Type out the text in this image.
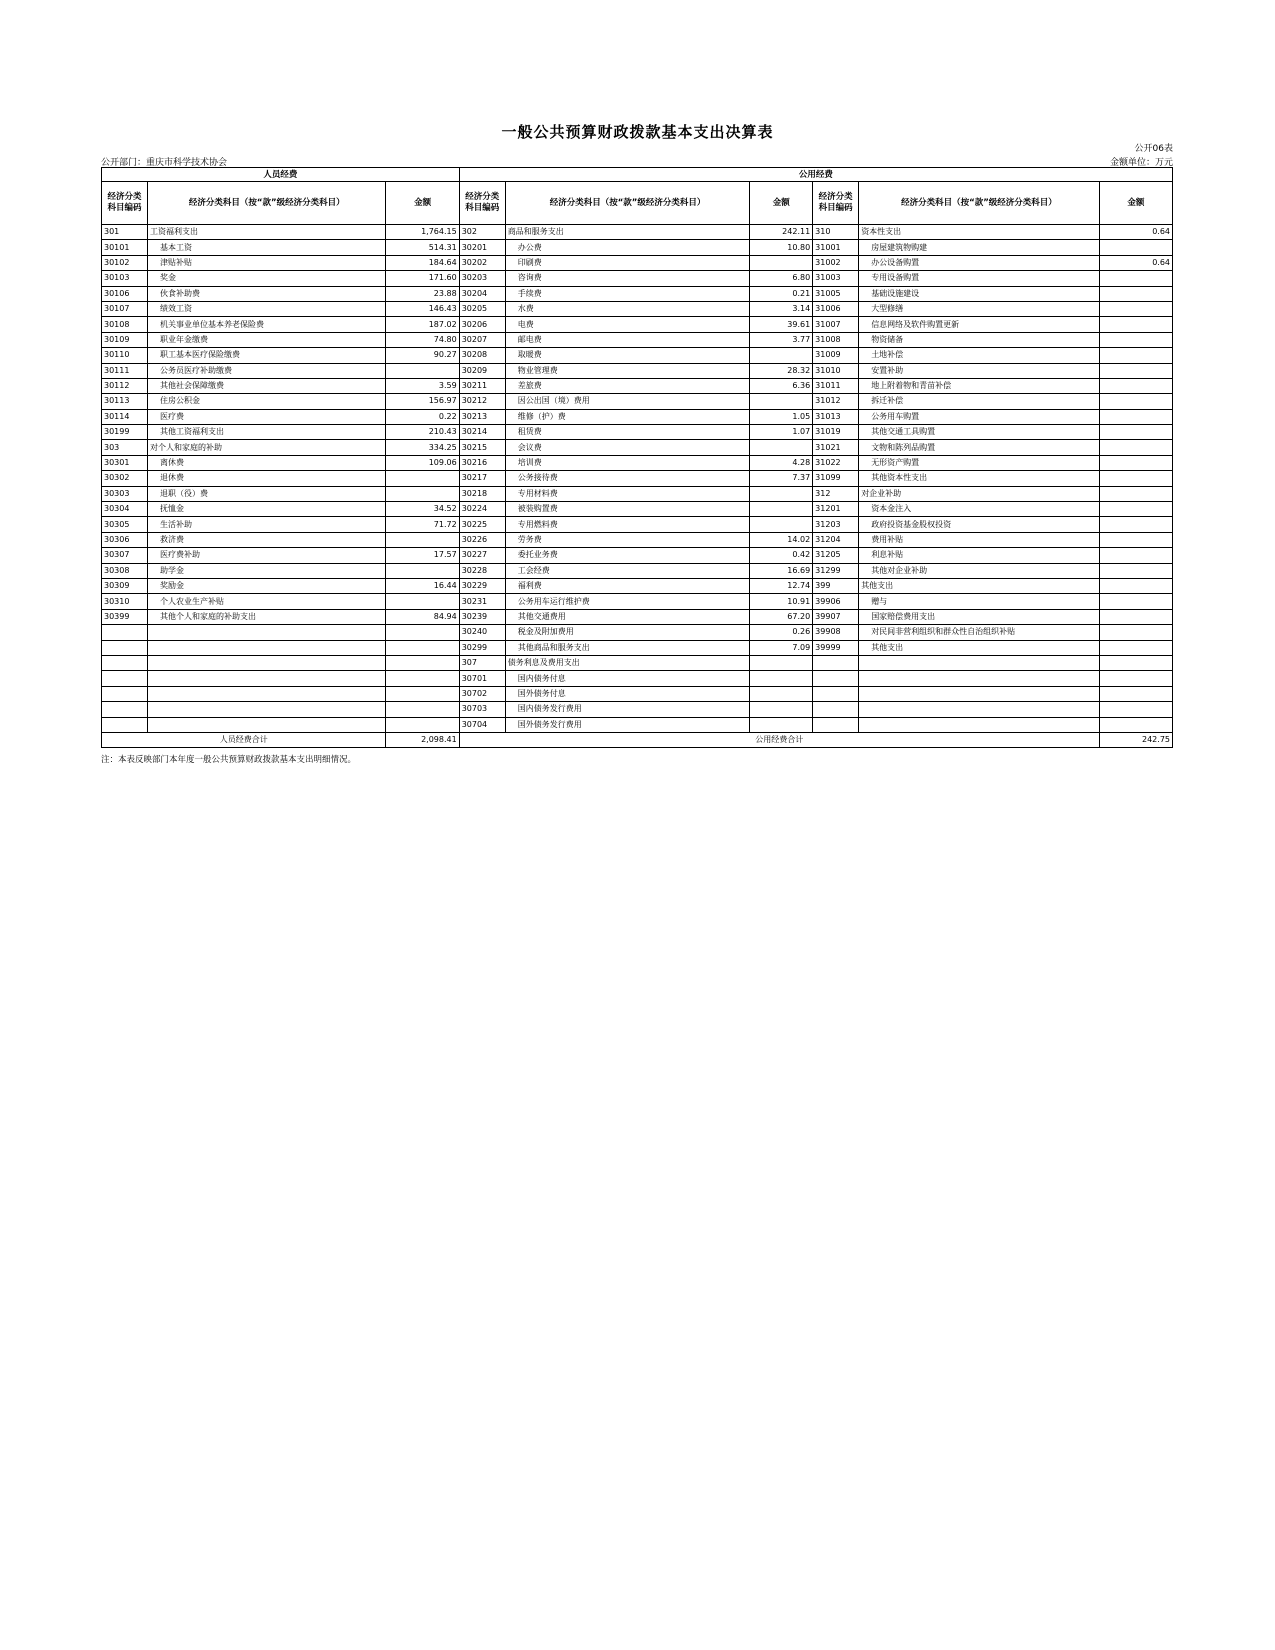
一般公共预算财政拨款基本支出决算表
公开06表
公开部门：重庆市科学技术协会	金额单位：万元
人员经费			公用经费					
经济分类科目编码	经济分类科目（按“款”级经济分类科目）	金额	经济分类科目编码	经济分类科目（按“款”级经济分类科目）	金额	经济分类科目编码	经济分类科目（按“款”级经济分类科目）	金额
301	工资福利支出	1,764.15	302	商品和服务支出	242.11	310	资本性支出	0.64
30101	基本工资	514.31	30201	办公费	10.80	31001	房屋建筑物购建	
30102	津贴补贴	184.64	30202	印刷费		31002	办公设备购置	0.64
30103	奖金	171.60	30203	咨询费	6.80	31003	专用设备购置	
30106	伙食补助费	23.88	30204	手续费	0.21	31005	基础设施建设	
30107	绩效工资	146.43	30205	水费	3.14	31006	大型修缮	
30108	机关事业单位基本养老保险费	187.02	30206	电费	39.61	31007	信息网络及软件购置更新	
30109	职业年金缴费	74.80	30207	邮电费	3.77	31008	物资储备	
30110	职工基本医疗保险缴费	90.27	30208	取暖费		31009	土地补偿	
30111	公务员医疗补助缴费		30209	物业管理费	28.32	31010	安置补助	
30112	其他社会保障缴费	3.59	30211	差旅费	6.36	31011	地上附着物和青苗补偿	
30113	住房公积金	156.97	30212	因公出国（境）费用		31012	拆迁补偿	
30114	医疗费	0.22	30213	维修（护）费	1.05	31013	公务用车购置	
30199	其他工资福利支出	210.43	30214	租赁费	1.07	31019	其他交通工具购置	
303	对个人和家庭的补助	334.25	30215	会议费		31021	文物和陈列品购置	
30301	离休费	109.06	30216	培训费	4.28	31022	无形资产购置	
30302	退休费		30217	公务接待费	7.37	31099	其他资本性支出	
30303	退职（役）费		30218	专用材料费		312	对企业补助	
30304	抚恤金	34.52	30224	被装购置费		31201	资本金注入	
30305	生活补助	71.72	30225	专用燃料费		31203	政府投资基金股权投资	
30306	救济费		30226	劳务费	14.02	31204	费用补贴	
30307	医疗费补助	17.57	30227	委托业务费	0.42	31205	利息补贴	
30308	助学金		30228	工会经费	16.69	31299	其他对企业补助	
30309	奖励金	16.44	30229	福利费	12.74	399	其他支出	
30310	个人农业生产补贴		30231	公务用车运行维护费	10.91	39906	赠与	
30399	其他个人和家庭的补助支出	84.94	30239	其他交通费用	67.20	39907	国家赔偿费用支出	
			30240	税金及附加费用	0.26	39908	对民间非营利组织和群众性自治组织补贴	
			30299	其他商品和服务支出	7.09	39999	其他支出	
			307	债务利息及费用支出				
			30701	国内债务付息				
			30702	国外债务付息				
			30703	国内债务发行费用				
			30704	国外债务发行费用				
人员经费合计		2,098.41	公用经费合计					242.75
注：本表反映部门本年度一般公共预算财政拨款基本支出明细情况。
